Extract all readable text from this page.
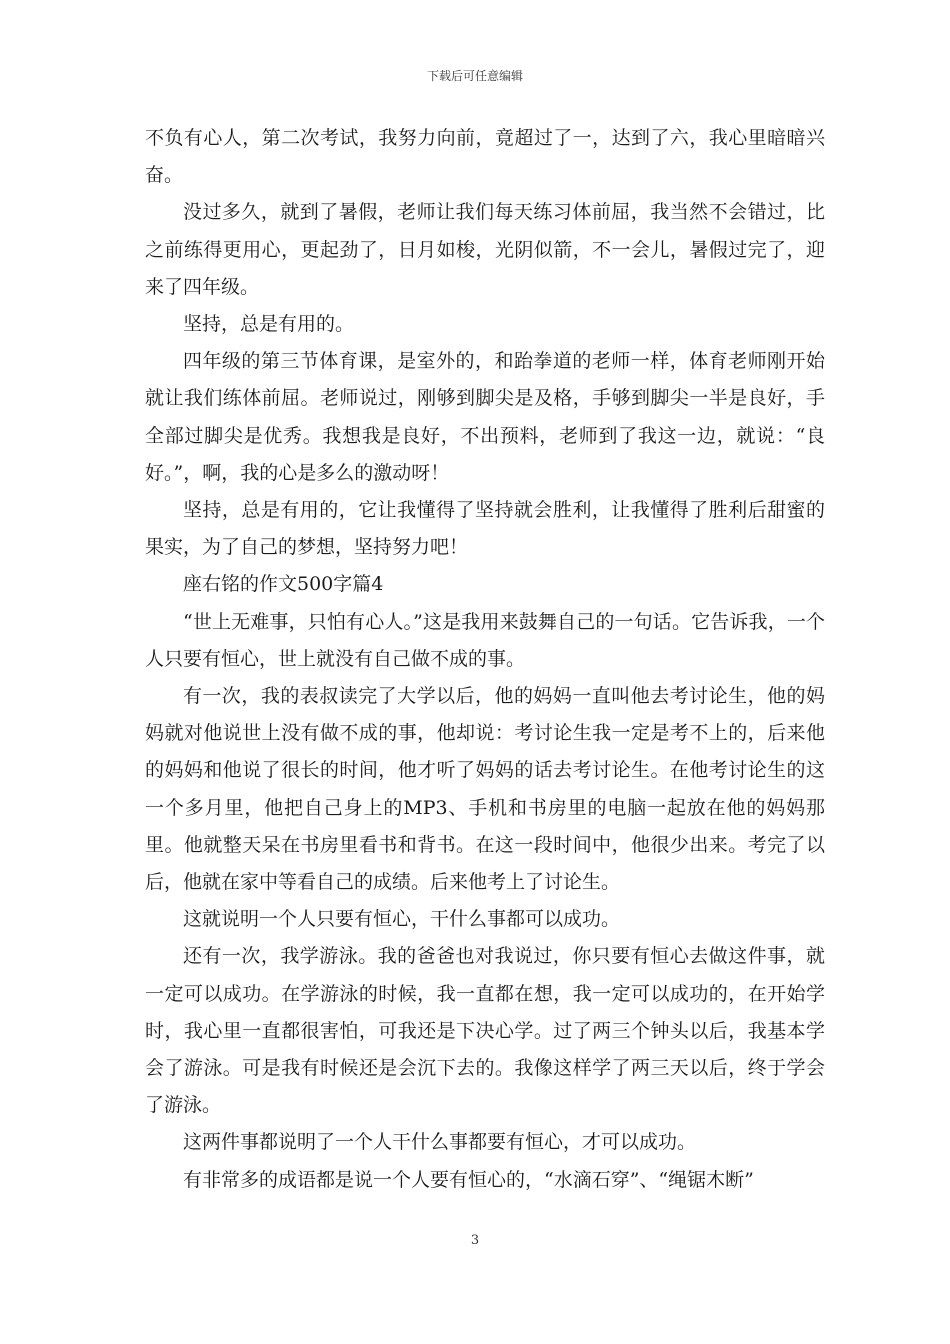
下载后可任意编辑

不负有心人，第二次考试，我努力向前，竟超过了一，达到了六，我心里暗暗兴奋。

没过多久，就到了暑假，老师让我们每天练习体前屈，我当然不会错过，比之前练得更用心，更起劲了，日月如梭，光阴似箭，不一会儿，暑假过完了，迎来了四年级。

坚持，总是有用的。

四年级的第三节体育课，是室外的，和跆拳道的老师一样，体育老师刚开始就让我们练体前屈。老师说过，刚够到脚尖是及格，手够到脚尖一半是良好，手全部过脚尖是优秀。我想我是良好，不出预料，老师到了我这一边，就说：“良好。”，啊，我的心是多么的激动呀！

坚持，总是有用的，它让我懂得了坚持就会胜利，让我懂得了胜利后甜蜜的果实，为了自己的梦想，坚持努力吧！

座右铭的作文500字篇4

“世上无难事，只怕有心人。”这是我用来鼓舞自己的一句话。它告诉我，一个人只要有恒心，世上就没有自己做不成的事。

有一次，我的表叔读完了大学以后，他的妈妈一直叫他去考讨论生，他的妈妈就对他说世上没有做不成的事，他却说：考讨论生我一定是考不上的，后来他的妈妈和他说了很长的时间，他才听了妈妈的话去考讨论生。在他考讨论生的这一个多月里，他把自己身上的MP3、手机和书房里的电脑一起放在他的妈妈那里。他就整天呆在书房里看书和背书。在这一段时间中，他很少出来。考完了以后，他就在家中等看自己的成绩。后来他考上了讨论生。

这就说明一个人只要有恒心，干什么事都可以成功。

还有一次，我学游泳。我的爸爸也对我说过，你只要有恒心去做这件事，就一定可以成功。在学游泳的时候，我一直都在想，我一定可以成功的，在开始学时，我心里一直都很害怕，可我还是下决心学。过了两三个钟头以后，我基本学会了游泳。可是我有时候还是会沉下去的。我像这样学了两三天以后，终于学会了游泳。

这两件事都说明了一个人干什么事都要有恒心，才可以成功。

有非常多的成语都是说一个人要有恒心的，“水滴石穿”、“绳锯木断”

3
